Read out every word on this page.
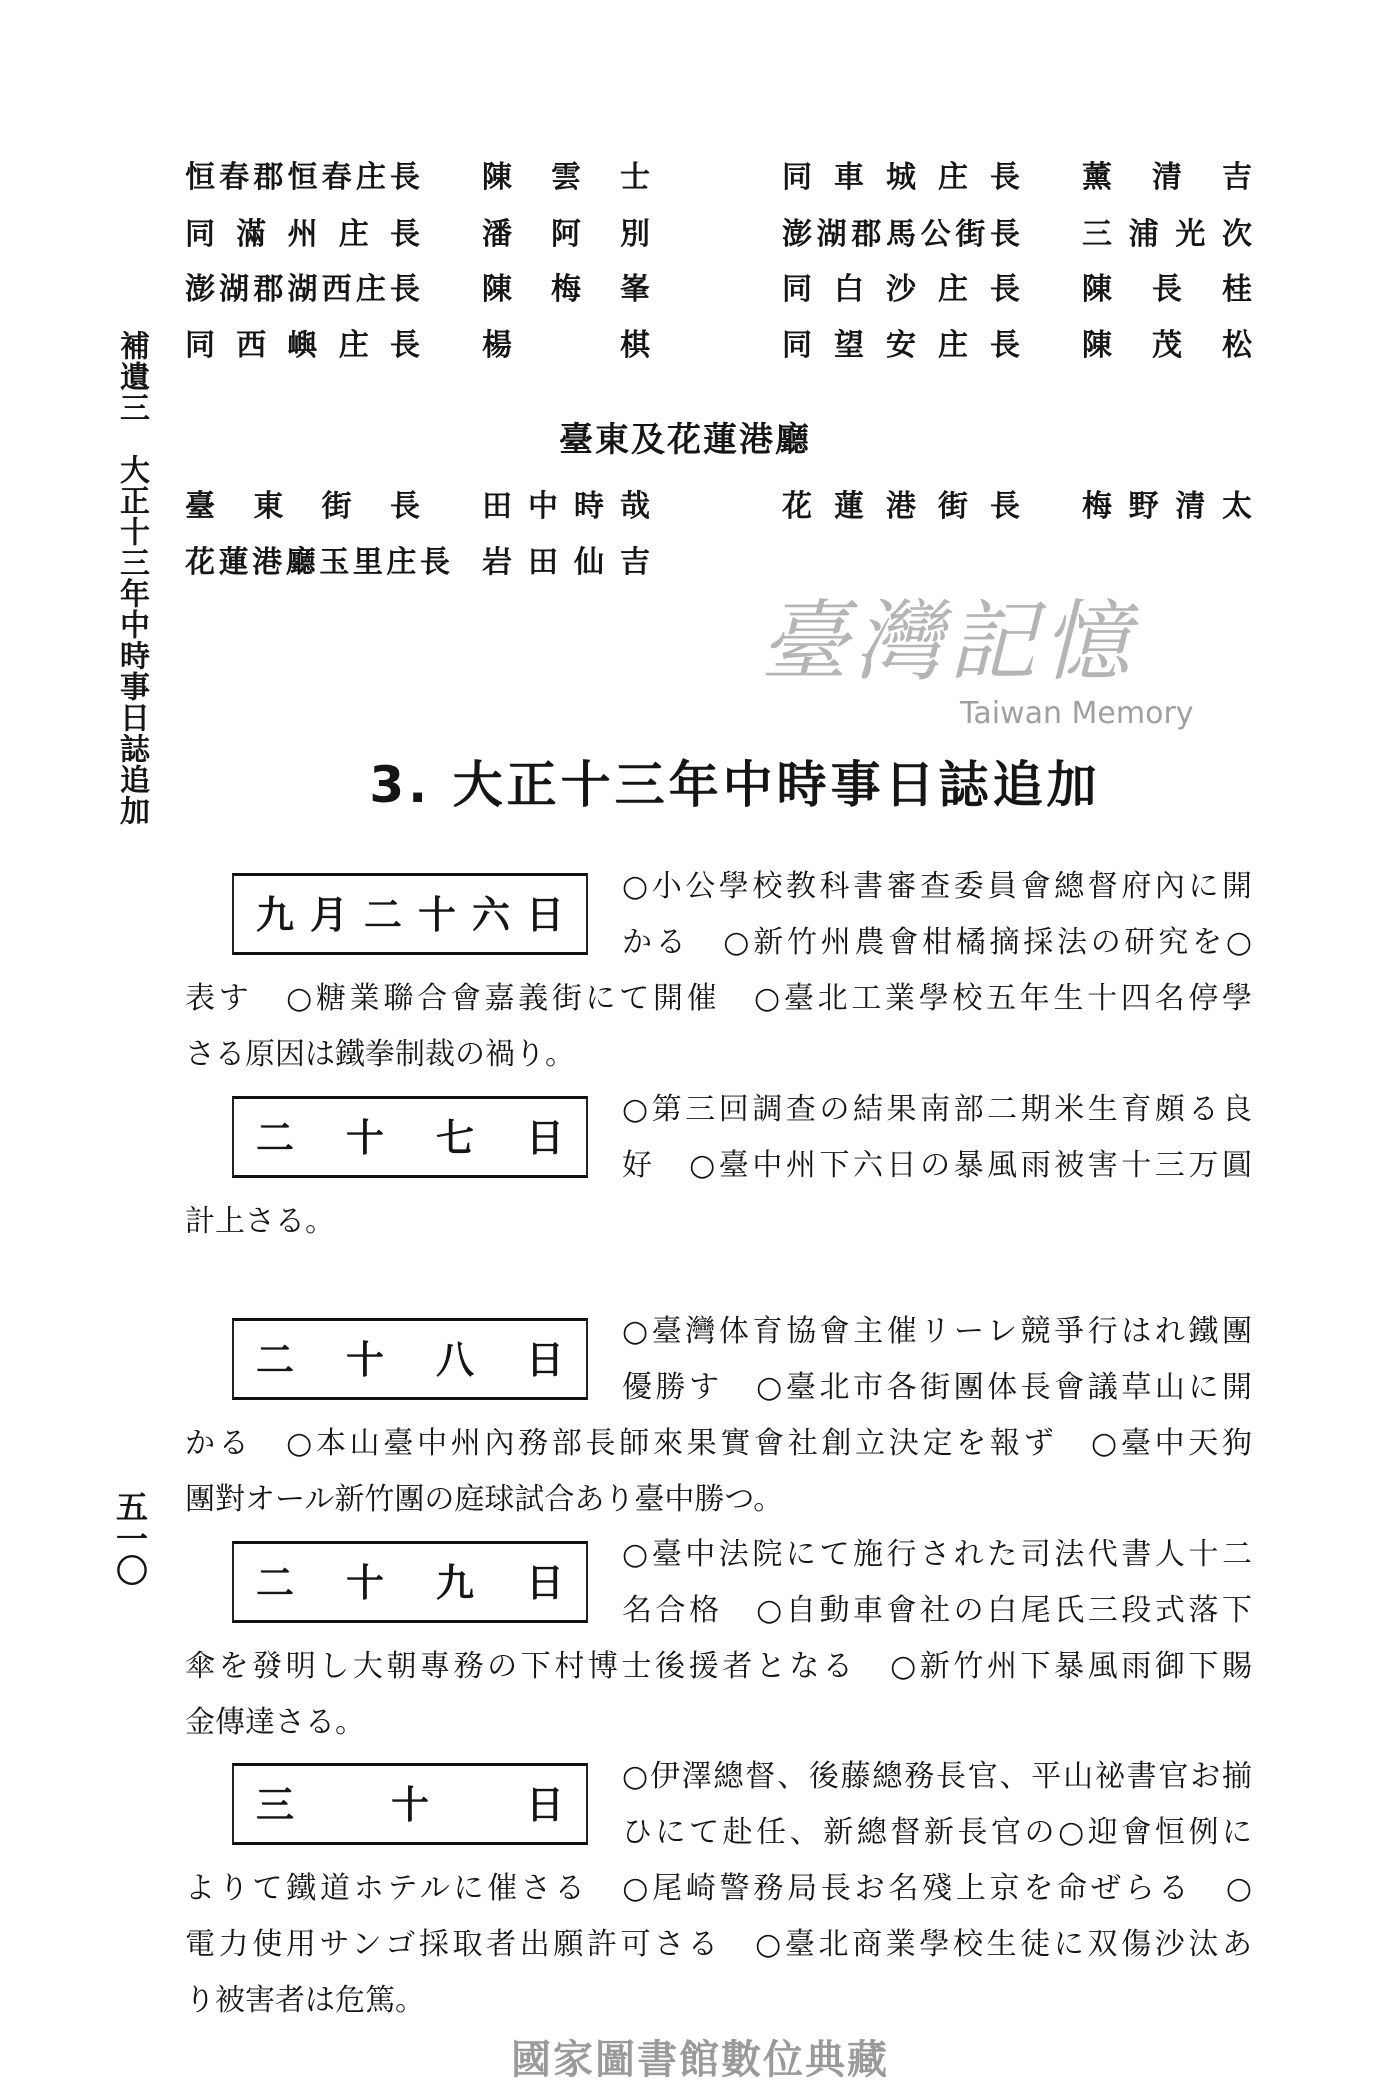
補遺三　大正十三年中時事日誌追加
五一〇
恒春郡恒春庄長 陳雲士	同車城庄長 薰清吉
同滿州庄長 潘阿別	澎湖郡馬公街長 三浦光次
澎湖郡湖西庄長 陳梅峯	同白沙庄長 陳長桂
同西嶼庄長 楊　棋	同望安庄長 陳茂松
臺東及花蓮港廳
臺東街長 田中時哉	花蓮港街長 梅野清太
花蓮港廳玉里庄長 岩田仙吉
臺灣記憶
Taiwan Memory
3. 大正十三年中時事日誌追加
九月二十六日
○小公學校教科書審查委員會總督府內に開
かる　○新竹州農會柑橘摘採法の研究を○
表す　○糖業聯合會嘉義街にて開催　○臺北工業學校五年生十四名停學
さる原因は鐵拳制裁の禍り。
二十七日
○第三回調查の結果南部二期米生育頗る良
好　○臺中州下六日の暴風雨被害十三万圓
計上さる。
二十八日
○臺灣体育協會主催リーレ競爭行はれ鐵團
優勝す　○臺北市各街團体長會議草山に開
かる　○本山臺中州內務部長師來果實會社創立決定を報ず　○臺中天狗
團對オール新竹團の庭球試合あり臺中勝つ。
二十九日
○臺中法院にて施行された司法代書人十二
名合格　○自動車會社の白尾氏三段式落下
傘を發明し大朝專務の下村博士後援者となる　○新竹州下暴風雨御下賜
金傳達さる。
三十日
○伊澤總督、後藤總務長官、平山祕書官お揃
ひにて赴任、新總督新長官の○迎會恒例に
よりて鐵道ホテルに催さる　○尾崎警務局長お名殘上京を命ぜらる　○
電力使用サンゴ採取者出願許可さる　○臺北商業學校生徒に双傷沙汰あ
り被害者は危篤。
國家圖書館數位典藏
